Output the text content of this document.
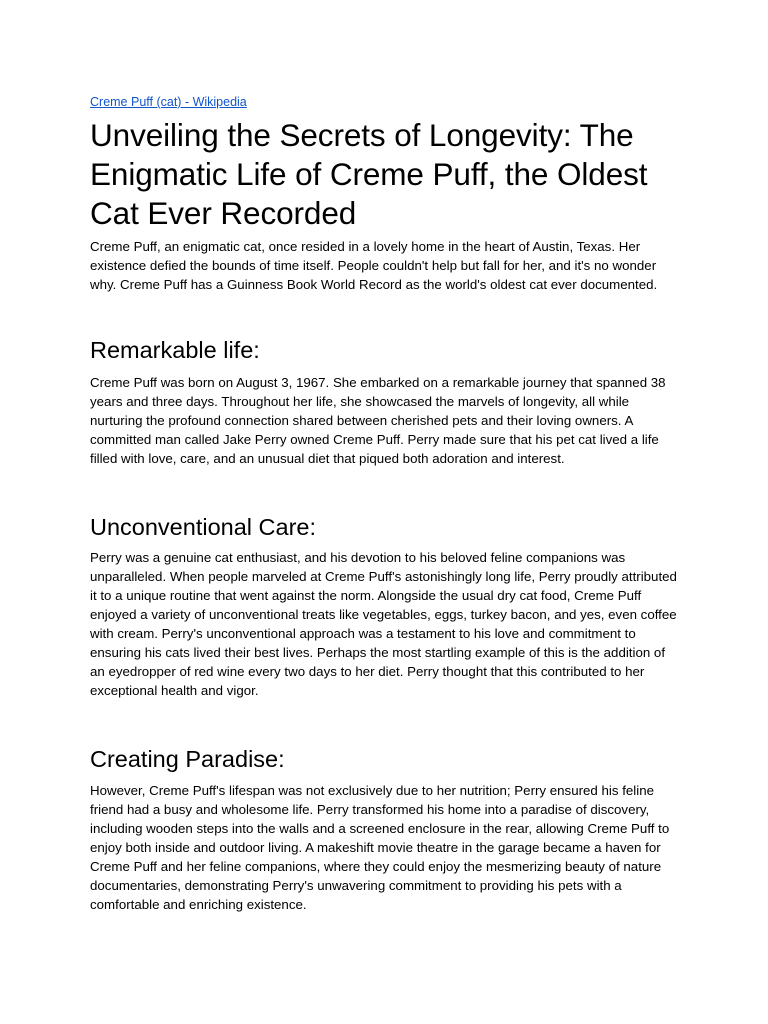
Creme Puff (cat) - Wikipedia
Unveiling the Secrets of Longevity: The Enigmatic Life of Creme Puff, the Oldest Cat Ever Recorded

Creme Puff, an enigmatic cat, once resided in a lovely home in the heart of Austin, Texas. Her existence defied the bounds of time itself. People couldn't help but fall for her, and it's no wonder why. Creme Puff has a Guinness Book World Record as the world's oldest cat ever documented.

Remarkable life:

Creme Puff was born on August 3, 1967. She embarked on a remarkable journey that spanned 38 years and three days. Throughout her life, she showcased the marvels of longevity, all while nurturing the profound connection shared between cherished pets and their loving owners. A committed man called Jake Perry owned Creme Puff. Perry made sure that his pet cat lived a life filled with love, care, and an unusual diet that piqued both adoration and interest.

Unconventional Care:

Perry was a genuine cat enthusiast, and his devotion to his beloved feline companions was unparalleled. When people marveled at Creme Puff's astonishingly long life, Perry proudly attributed it to a unique routine that went against the norm. Alongside the usual dry cat food, Creme Puff enjoyed a variety of unconventional treats like vegetables, eggs, turkey bacon, and yes, even coffee with cream. Perry's unconventional approach was a testament to his love and commitment to ensuring his cats lived their best lives. Perhaps the most startling example of this is the addition of an eyedropper of red wine every two days to her diet. Perry thought that this contributed to her exceptional health and vigor.

Creating Paradise:

However, Creme Puff's lifespan was not exclusively due to her nutrition; Perry ensured his feline friend had a busy and wholesome life. Perry transformed his home into a paradise of discovery, including wooden steps into the walls and a screened enclosure in the rear, allowing Creme Puff to enjoy both inside and outdoor living. A makeshift movie theatre in the garage became a haven for Creme Puff and her feline companions, where they could enjoy the mesmerizing beauty of nature documentaries, demonstrating Perry's unwavering commitment to providing his pets with a comfortable and enriching existence.
